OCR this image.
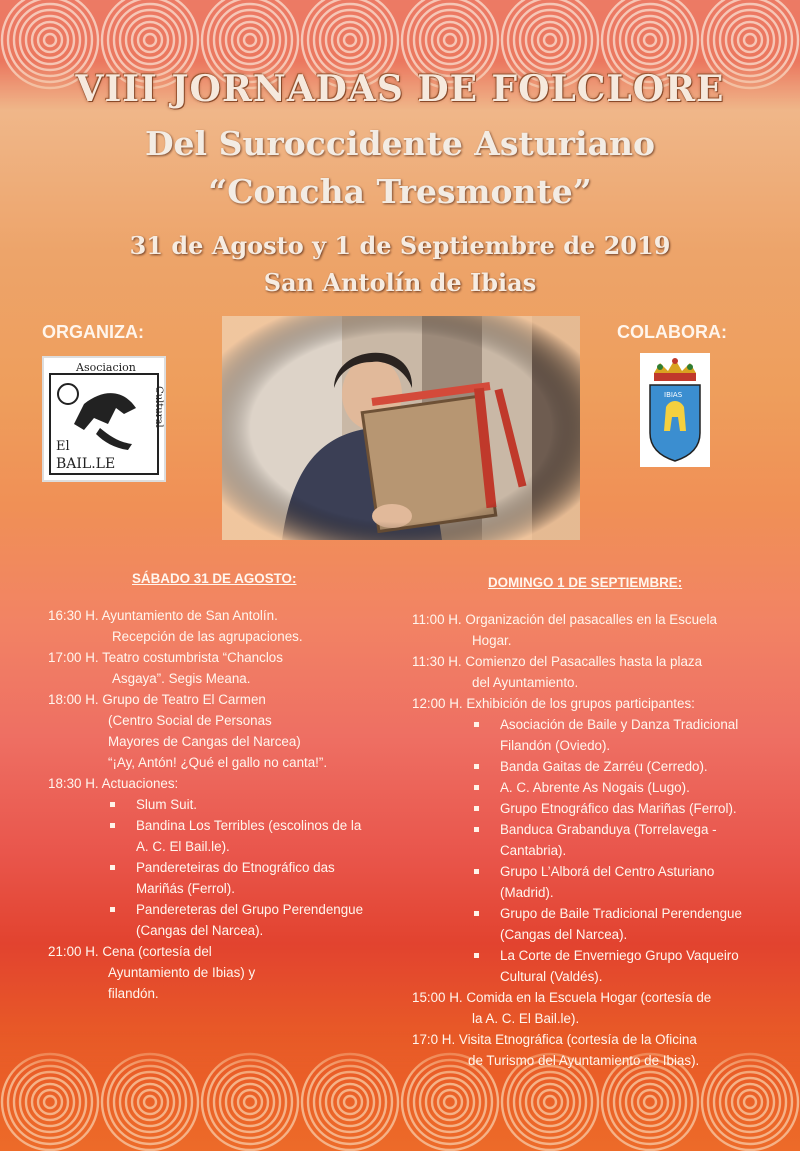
VIII JORNADAS DE FOLCLORE
Del Suroccidente Asturiano
“Concha Tresmonte”
31 de Agosto y 1 de Septiembre de 2019
San Antolín de Ibias
ORGANIZA:	COLABORA:
Asociacion
Cultural
El
BAIL.LE
IBIAS
SÁBADO 31 DE AGOSTO:
16:30 H. Ayuntamiento de San Antolín.
Recepción de las agrupaciones.
17:00 H. Teatro costumbrista “Chanclos
Asgaya”. Segis Meana.
18:00 H. Grupo de Teatro El Carmen
(Centro Social de Personas
Mayores de Cangas del Narcea)
“¡Ay, Antón! ¿Qué el gallo no canta!”.
18:30 H. Actuaciones:
Slum Suit.
Bandina Los Terribles (escolinos de la
A. C. El Bail.le).
Pandereteiras do Etnográfico das
Mariñás (Ferrol).
Pandereteras del Grupo Perendengue
(Cangas del Narcea).
21:00 H. Cena (cortesía del
Ayuntamiento de Ibias) y
filandón.
DOMINGO 1 DE SEPTIEMBRE:
11:00 H. Organización del pasacalles en la Escuela
Hogar.
11:30 H. Comienzo del Pasacalles hasta la plaza
del Ayuntamiento.
12:00 H. Exhibición de los grupos participantes:
Asociación de Baile y Danza Tradicional
Filandón (Oviedo).
Banda Gaitas de Zarréu (Cerredo).
A. C. Abrente As Nogais (Lugo).
Grupo Etnográfico das Mariñas (Ferrol).
Banduca Grabanduya (Torrelavega -
Cantabria).
Grupo L’Alborá del Centro Asturiano
(Madrid).
Grupo de Baile Tradicional Perendengue
(Cangas del Narcea).
La Corte de Enverniego Grupo Vaqueiro
Cultural (Valdés).
15:00 H. Comida en la Escuela Hogar (cortesía de
la A. C. El Bail.le).
17:0 H. Visita Etnográfica (cortesía de la Oficina
de Turismo del Ayuntamiento de Ibias).
